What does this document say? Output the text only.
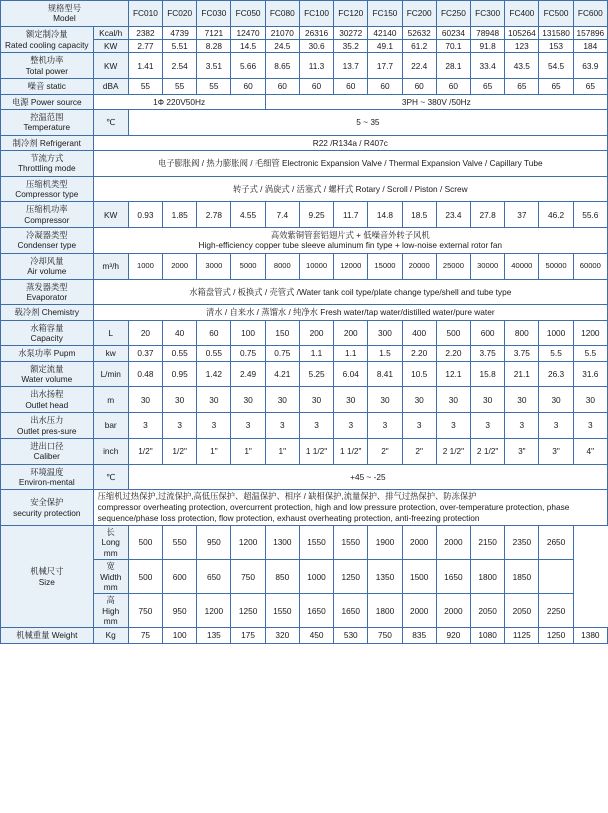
规格型号
Model		FC010	FC020	FC030	FC050	FC080	FC100	FC120	FC150	FC200	FC250	FC300	FC400	FC500	FC600

额定制冷量
Rated cooling capacity	Kcal/h	2382	4739	7121	12470	21070	26316	30272	42140	52632	60234	78948	105264	131580	157896
	KW	2.77	5.51	8.28	14.5	24.5	30.6	35.2	49.1	61.2	70.1	91.8	123	153	184

整机功率
Total power	KW	1.41	2.54	3.51	5.66	8.65	11.3	13.7	17.7	22.4	28.1	33.4	43.5	54.5	63.9
噪音 static	dBA	55	55	55	60	60	60	60	60	60	60	65	65	65	65
电源 Power source	1Ф 220V50Hz					3PH ~ 380V /50Hz									

控温范围
Temperature	℃	5 ~ 35													
制冷剂 Refrigerant	R22 /R134a / R407c														

节流方式
Throttling mode	电子膨胀阀 / 热力膨胀阀 / 毛细管 Electronic Expansion Valve / Thermal Expansion Valve / Capillary Tube														

压缩机类型
Compressor type	转子式 / 涡旋式 / 活塞式 / 螺杆式 Rotary / Scroll / Piston / Screw														

压缩机功率
Compressor	KW	0.93	1.85	2.78	4.55	7.4	9.25	11.7	14.8	18.5	23.4	27.8	37	46.2	55.6

冷凝器类型
Condenser type	高效紫铜管套铝翅片式 + 低噪音外转子风机
High-efficiency copper tube sleeve aluminum fin type + low-noise external rotor fan														

冷却风量
Air volume	m³/h	1000	2000	3000	5000	8000	10000	12000	15000	20000	25000	30000	40000	50000	60000

蒸发器类型
Evaporator	水箱盘管式 / 板换式 / 壳管式 /Water tank coil type/plate change type/shell and tube type														
载冷剂 Chemistry	清水 / 自来水 / 蒸馏水 / 纯净水 Fresh water/tap water/distilled water/pure water														

水箱容量
Capacity	L	20	40	60	100	150	200	200	300	400	500	600	800	1000	1200
水泵功率 Pupm	kw	0.37	0.55	0.55	0.75	0.75	1.1	1.1	1.5	2.20	2.20	3.75	3.75	5.5	5.5

额定流量
Water volume	L/min	0.48	0.95	1.42	2.49	4.21	5.25	6.04	8.41	10.5	12.1	15.8	21.1	26.3	31.6

出水扬程
Outlet head	m	30	30	30	30	30	30	30	30	30	30	30	30	30	30

出水压力
Outlet pres-sure	bar	3	3	3	3	3	3	3	3	3	3	3	3	3	3

进出口径
Caliber	inch	1/2"	1/2"	1"	1"	1"	1 1/2"	1 1/2"	2"	2"	2 1/2"	2 1/2"	3"	3"	4"

环境温度
Environ-mental	℃	+45 ~ -25													

安全保护
security protection	压缩机过热保护,过流保护,高低压保护、超温保护、相序 / 缺相保护,流量保护、排气过热保护、防冻保护
compressor overheating protection, overcurrent protection, high and low pressure protection, over-temperature protection, phase sequence/phase loss protection, flow protection, exhaust overheating protection, anti-freezing protection														

机械尺寸
Size	长
Long
mm	500	550	950	1200	1300	1550	1550	1900	2000	2000	2150	2350	2650	

	宽
Width
mm	500	600	650	750	850	1000	1250	1350	1500	1650	1800	1850		

	高
High
mm	750	950	1200	1250	1550	1650	1650	1800	2000	2000	2050	2050	2250	
机械重量 Weight	Kg	75	100	135	175	320	450	530	750	835	920	1080	1125	1250	1380
